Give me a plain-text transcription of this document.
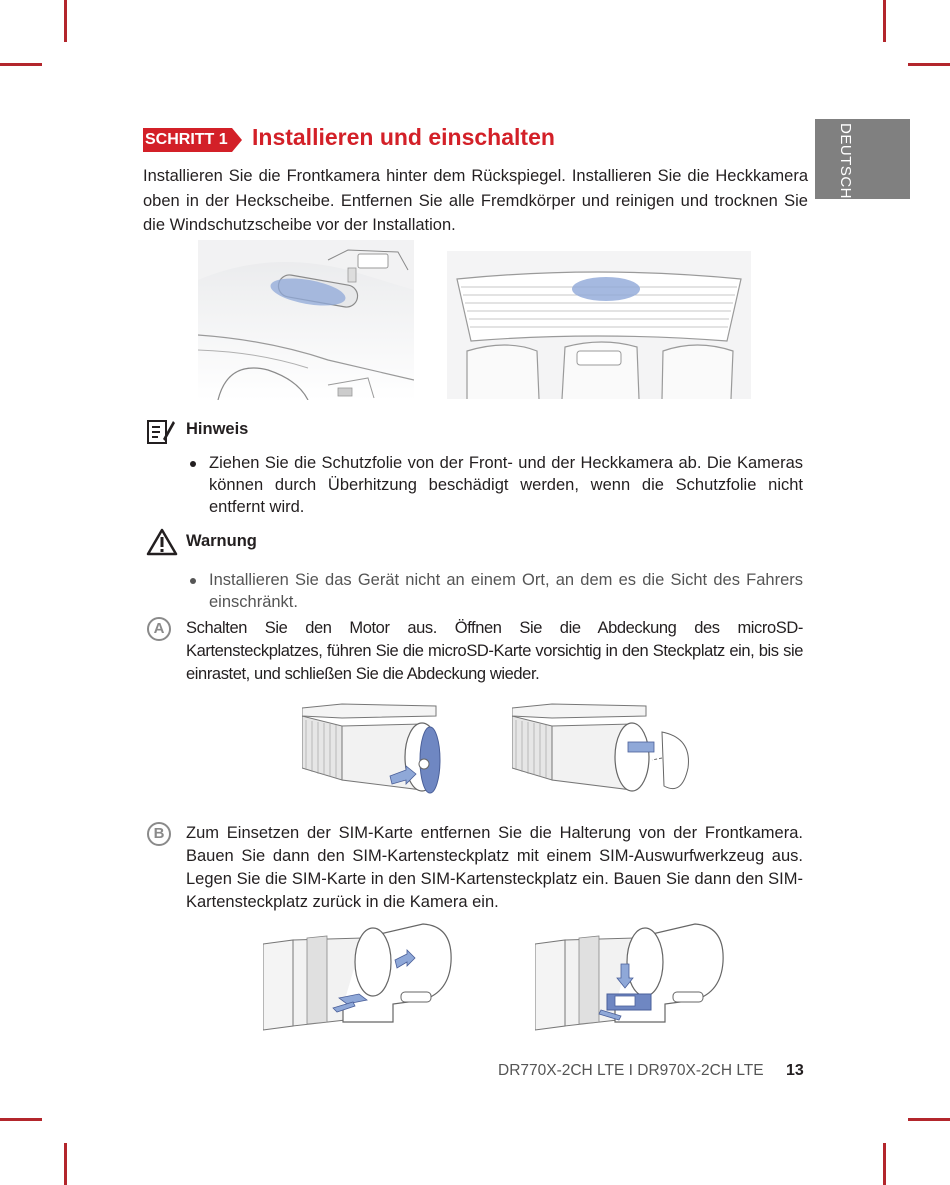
DEUTSCH
SCHRITT 1 Installieren und einschalten
Installieren Sie die Frontkamera hinter dem Rückspiegel. Installieren Sie die Heckkamera oben in der Heckscheibe. Entfernen Sie alle Fremdkörper und reinigen und trocknen Sie die Windschutzscheibe vor der Installation.
Hinweis
Ziehen Sie die Schutzfolie von der Front- und der Heckkamera ab. Die Kameras können durch Überhitzung beschädigt werden, wenn die Schutzfolie nicht entfernt wird.
Warnung
Installieren Sie das Gerät nicht an einem Ort, an dem es die Sicht des Fahrers einschränkt.
A	Schalten Sie den Motor aus. Öffnen Sie die Abdeckung des microSD-Kartensteckplatzes, führen Sie die microSD-Karte vorsichtig in den Steckplatz ein, bis sie einrastet, und schließen Sie die Abdeckung wieder.
B	Zum Einsetzen der SIM-Karte entfernen Sie die Halterung von der Frontkamera. Bauen Sie dann den SIM-Kartensteckplatz mit einem SIM-Auswurfwerkzeug aus. Legen Sie die SIM-Karte in den SIM-Kartensteckplatz ein. Bauen Sie dann den SIM-Kartensteckplatz zurück in die Kamera ein.
DR770X-2CH LTE I DR970X-2CH LTE 13
